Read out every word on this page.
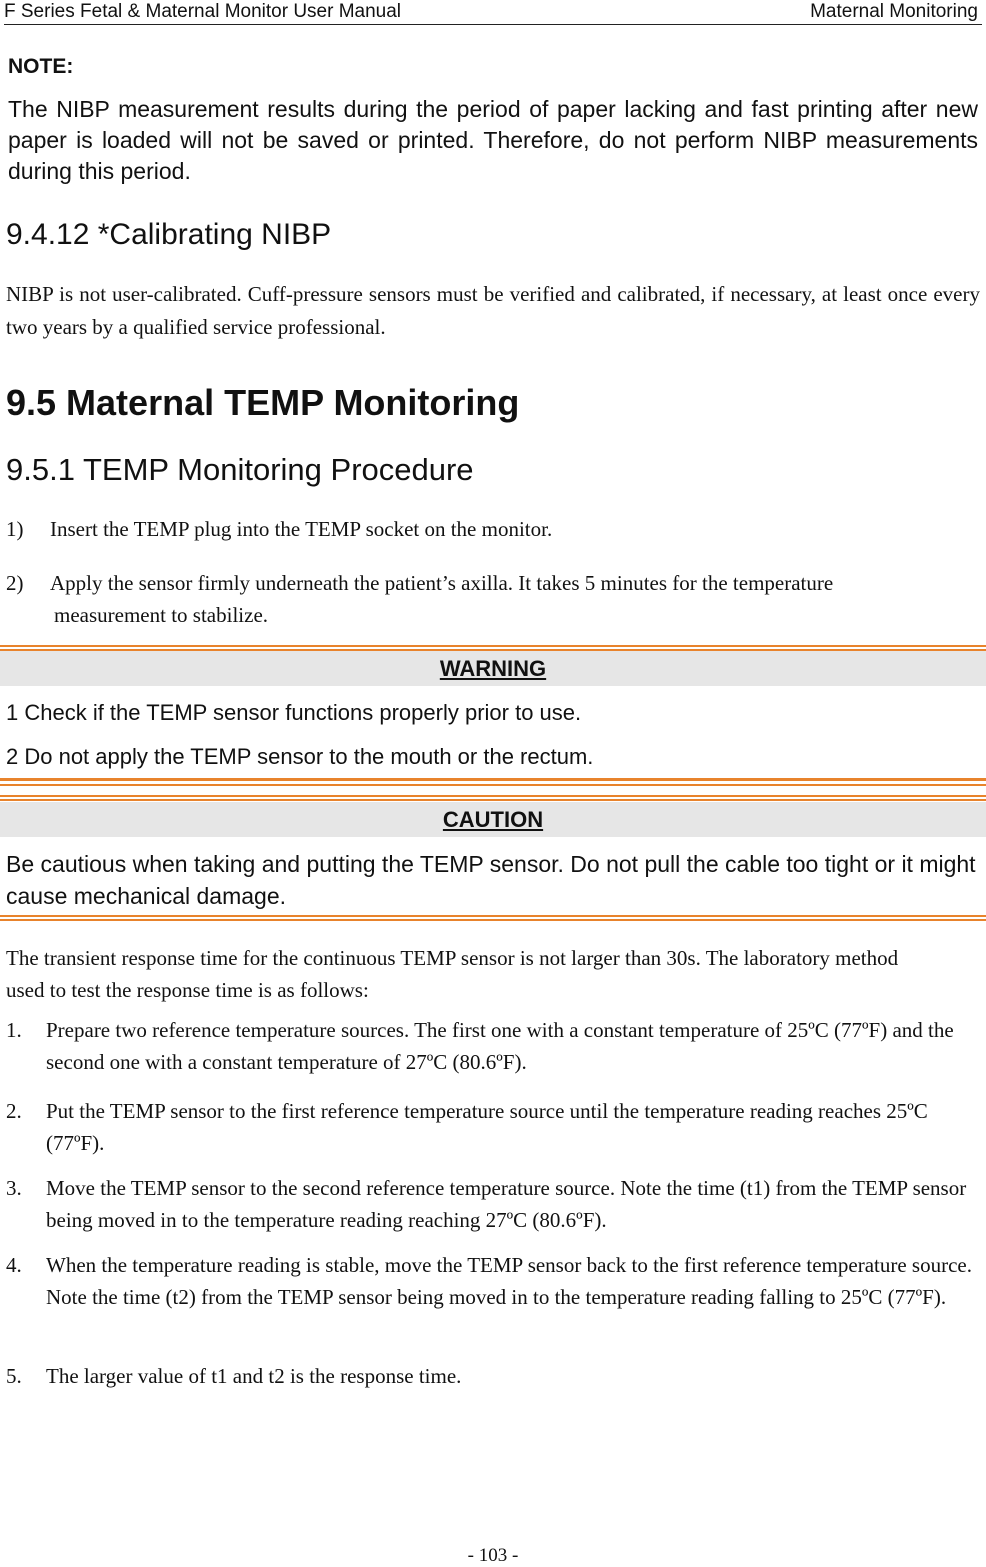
F Series Fetal & Maternal Monitor User Manual	Maternal Monitoring
NOTE:
The NIBP measurement results during the period of paper lacking and fast printing after new paper is loaded will not be saved or printed. Therefore, do not perform NIBP measurements during this period.
9.4.12 *Calibrating NIBP
NIBP is not user-calibrated. Cuff-pressure sensors must be verified and calibrated, if necessary, at least once every two years by a qualified service professional.
9.5 Maternal TEMP Monitoring
9.5.1 TEMP Monitoring Procedure
1) Insert the TEMP plug into the TEMP socket on the monitor.
2) Apply the sensor firmly underneath the patient’s axilla. It takes 5 minutes for the temperature
measurement to stabilize.
WARNING
1 Check if the TEMP sensor functions properly prior to use.
2 Do not apply the TEMP sensor to the mouth or the rectum.
CAUTION
Be cautious when taking and putting the TEMP sensor. Do not pull the cable too tight or it might cause mechanical damage.
The transient response time for the continuous TEMP sensor is not larger than 30s. The laboratory method used to test the response time is as follows:
1. Prepare two reference temperature sources. The first one with a constant temperature of 25ºC (77ºF) and the second one with a constant temperature of 27ºC (80.6ºF).
2. Put the TEMP sensor to the first reference temperature source until the temperature reading reaches 25ºC (77ºF).
3. Move the TEMP sensor to the second reference temperature source. Note the time (t1) from the TEMP sensor being moved in to the temperature reading reaching 27ºC (80.6ºF).
4. When the temperature reading is stable, move the TEMP sensor back to the first reference temperature source. Note the time (t2) from the TEMP sensor being moved in to the temperature reading falling to 25ºC (77ºF).
5. The larger value of t1 and t2 is the response time.
- 103 -
